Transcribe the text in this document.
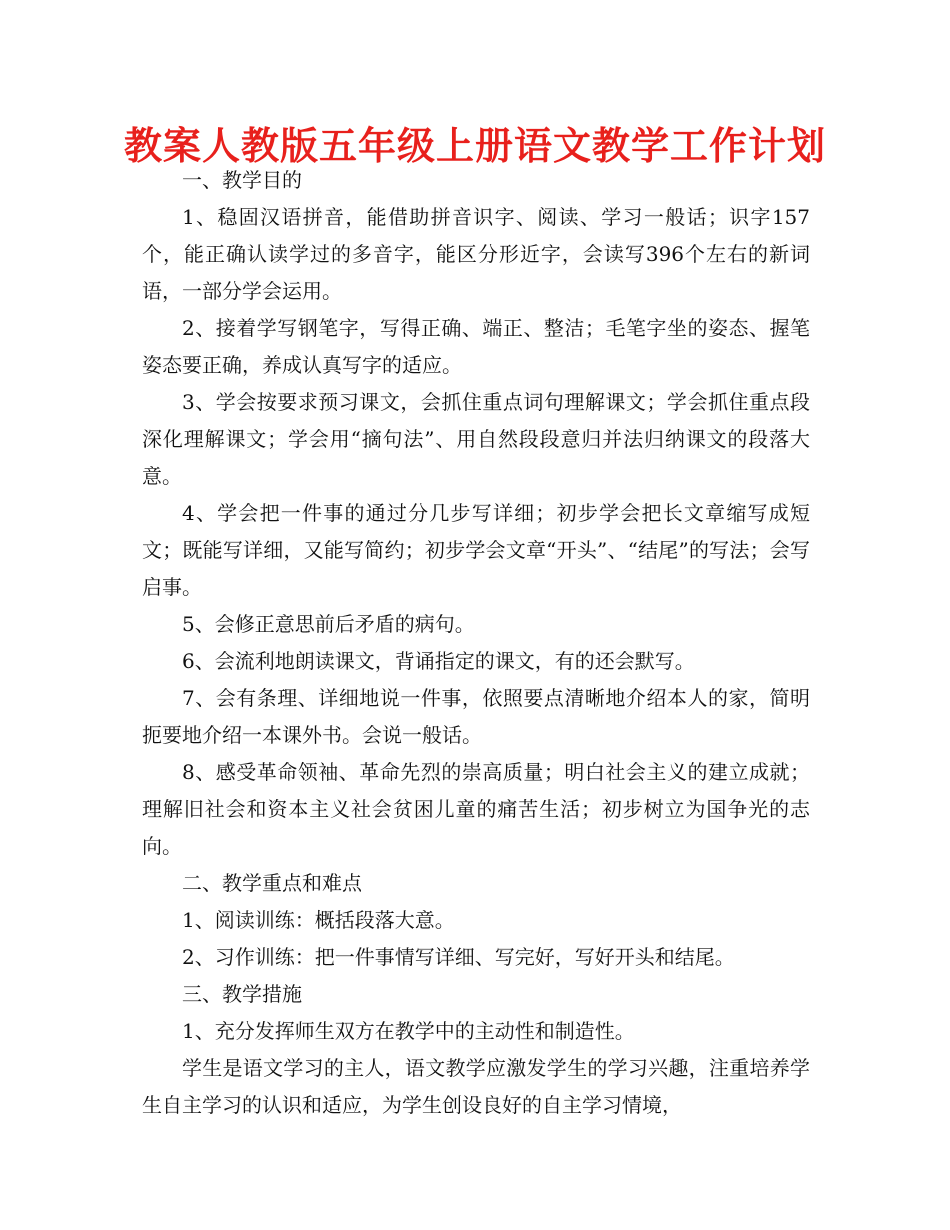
教案人教版五年级上册语文教学工作计划

一、教学目的

1、稳固汉语拼音，能借助拼音识字、阅读、学习一般话；识字157个，能正确认读学过的多音字，能区分形近字，会读写396个左右的新词语，一部分学会运用。

2、接着学写钢笔字，写得正确、端正、整洁；毛笔字坐的姿态、握笔姿态要正确，养成认真写字的适应。

3、学会按要求预习课文，会抓住重点词句理解课文；学会抓住重点段深化理解课文；学会用“摘句法”、用自然段段意归并法归纳课文的段落大意。

4、学会把一件事的通过分几步写详细；初步学会把长文章缩写成短文；既能写详细，又能写简约；初步学会文章“开头”、“结尾”的写法；会写启事。

5、会修正意思前后矛盾的病句。

6、会流利地朗读课文，背诵指定的课文，有的还会默写。

7、会有条理、详细地说一件事，依照要点清晰地介绍本人的家，简明扼要地介绍一本课外书。会说一般话。

8、感受革命领袖、革命先烈的崇高质量；明白社会主义的建立成就；理解旧社会和资本主义社会贫困儿童的痛苦生活；初步树立为国争光的志向。

二、教学重点和难点

1、阅读训练：概括段落大意。

2、习作训练：把一件事情写详细、写完好，写好开头和结尾。

三、教学措施

1、充分发挥师生双方在教学中的主动性和制造性。

学生是语文学习的主人，语文教学应激发学生的学习兴趣，注重培养学生自主学习的认识和适应，为学生创设良好的自主学习情境，
